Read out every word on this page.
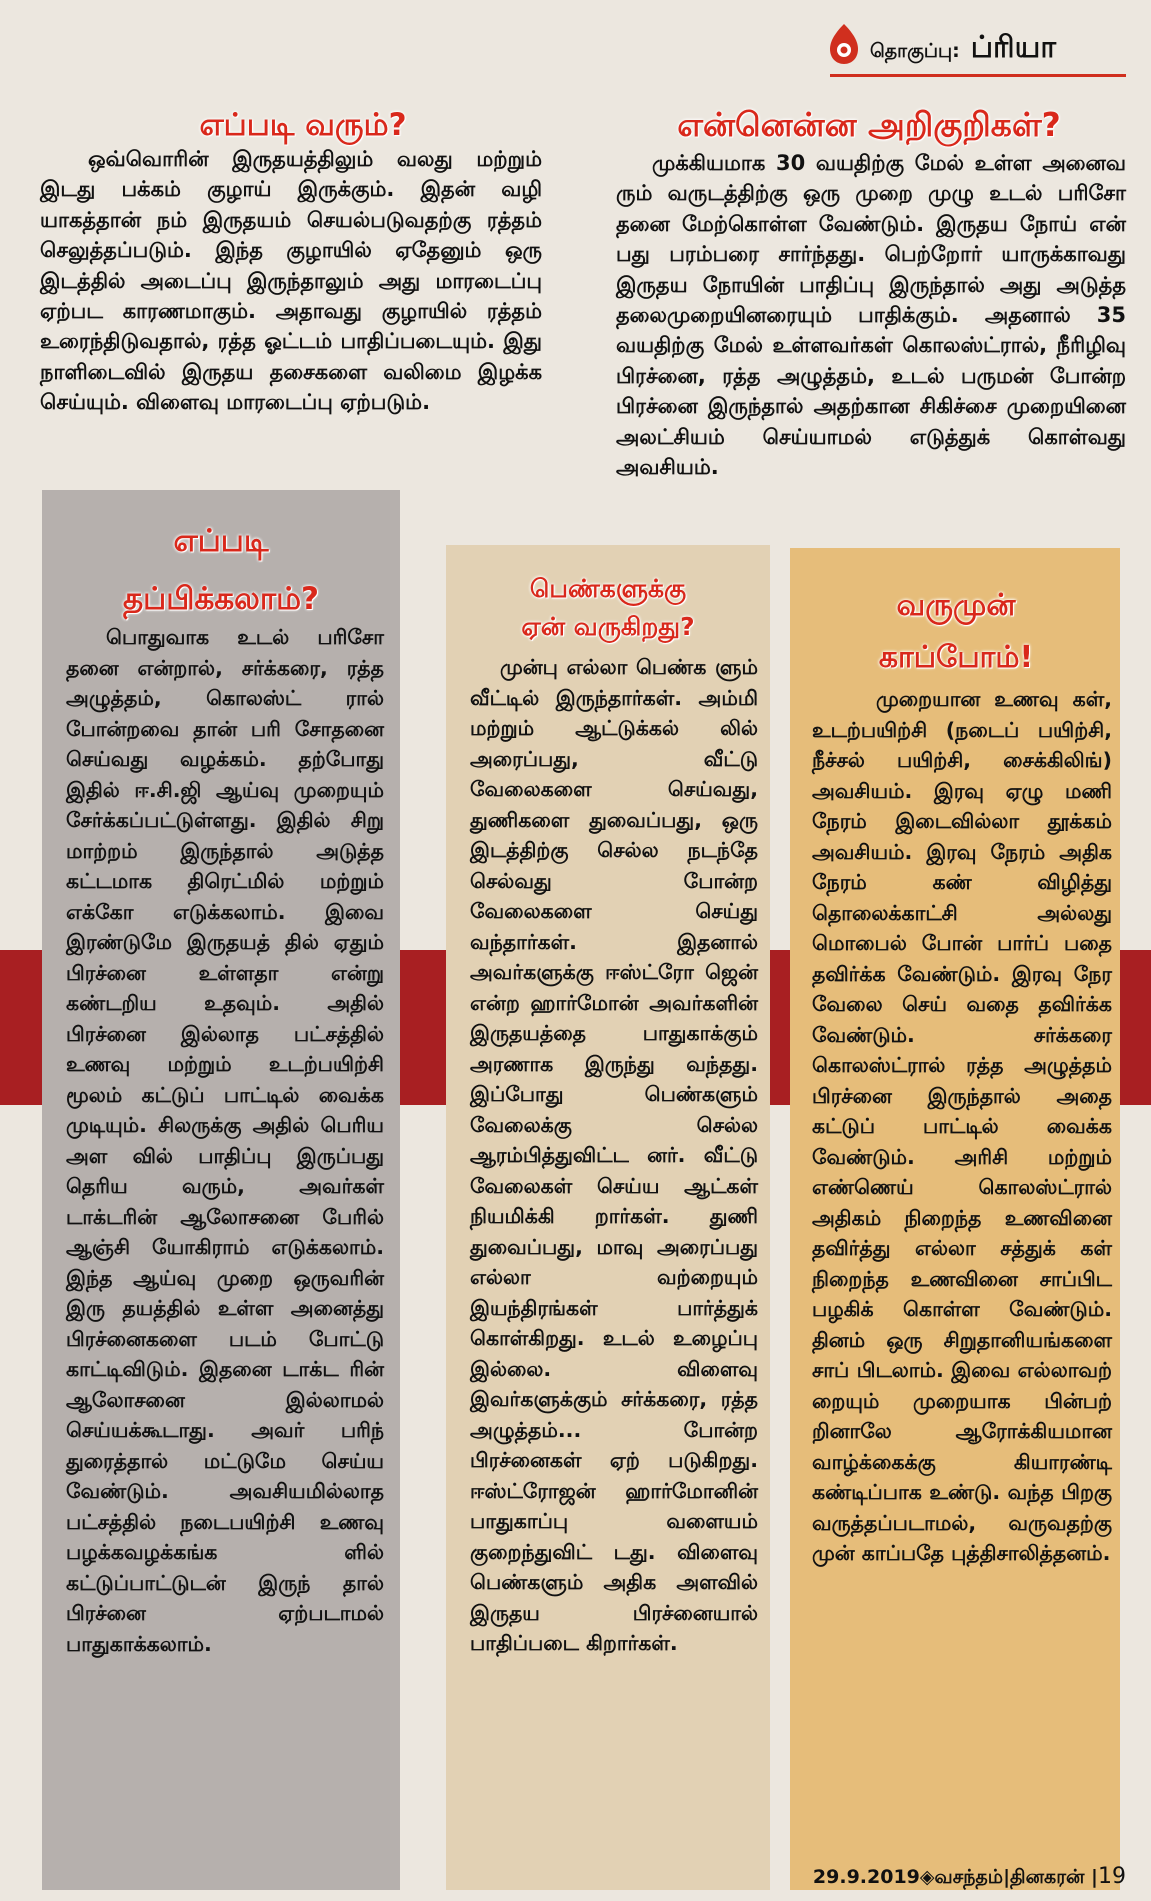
தொகுப்பு: ப்ரியா
எப்படி வரும்?
ஒவ்வொரின் இருதயத்திலும் வலது மற்றும் இடது பக்கம் குழாய் இருக்கும். இதன் வழி யாகத்தான் நம் இருதயம் செயல்படுவதற்கு ரத்தம் செலுத்தப்படும். இந்த குழாயில் ஏதேனும் ஒரு இடத்தில் அடைப்பு இருந்தாலும் அது மாரடைப்பு ஏற்பட காரணமாகும். அதாவது குழாயில் ரத்தம் உரைந்திடுவதால், ரத்த ஓட்டம் பாதிப்படையும். இது நாளிடைவில் இருதய தசைகளை வலிமை இழக்க செய்யும். விளைவு மாரடைப்பு ஏற்படும்.
என்னென்ன அறிகுறிகள்?
முக்கியமாக 30 வயதிற்கு மேல் உள்ள அனைவ ரும் வருடத்திற்கு ஒரு முறை முழு உடல் பரிசோ தனை மேற்கொள்ள வேண்டும். இருதய நோய் என் பது பரம்பரை சார்ந்தது. பெற்றோர் யாருக்காவது இருதய நோயின் பாதிப்பு இருந்தால் அது அடுத்த தலைமுறையினரையும் பாதிக்கும். அதனால் 35 வயதிற்கு மேல் உள்ளவர்கள் கொலஸ்ட்ரால், நீரிழிவு பிரச்னை, ரத்த அழுத்தம், உடல் பருமன் போன்ற பிரச்னை இருந்தால் அதற்கான சிகிச்சை முறையினை அலட்சியம் செய்யாமல் எடுத்துக் கொள்வது அவசியம்.
எப்படி
தப்பிக்கலாம்?
பொதுவாக உடல் பரிசோ தனை என்றால், சர்க்கரை, ரத்த அழுத்தம், கொலஸ்ட் ரால் போன்றவை தான் பரி சோதனை செய்வது வழக்கம். தற்போது இதில் ஈ.சி.ஜி ஆய்வு முறையும் சேர்க்கப்பட்டுள்ளது. இதில் சிறு மாற்றம் இருந்தால் அடுத்த கட்டமாக திரெட்மில் மற்றும் எக்கோ எடுக்கலாம். இவை இரண்டுமே இருதயத் தில் ஏதும் பிரச்னை உள்ளதா என்று கண்டறிய உதவும். அதில் பிரச்னை இல்லாத பட்சத்தில் உணவு மற்றும் உடற்பயிற்சி மூலம் கட்டுப் பாட்டில் வைக்க முடியும். சிலருக்கு அதில் பெரிய அள வில் பாதிப்பு இருப்பது தெரிய வரும், அவர்கள் டாக்டரின் ஆலோசனை பேரில் ஆஞ்சி யோகிராம் எடுக்கலாம். இந்த ஆய்வு முறை ஒருவரின் இரு தயத்தில் உள்ள அனைத்து பிரச்னைகளை படம் போட்டு காட்டிவிடும். இதனை டாக்ட ரின் ஆலோசனை இல்லாமல் செய்யக்கூடாது. அவர் பரிந் துரைத்தால் மட்டுமே செய்ய வேண்டும். அவசியமில்லாத பட்சத்தில் நடைபயிற்சி உணவு பழக்கவழக்கங்க ளில் கட்டுப்பாட்டுடன் இருந் தால் பிரச்னை ஏற்படாமல் பாதுகாக்கலாம்.
பெண்களுக்கு
ஏன் வருகிறது?
முன்பு எல்லா பெண்க ளும் வீட்டில் இருந்தார்கள். அம்மி மற்றும் ஆட்டுக்கல் லில் அரைப்பது, வீட்டு வேலைகளை செய்வது, துணிகளை துவைப்பது, ஒரு இடத்திற்கு செல்ல நடந்தே செல்வது போன்ற வேலைகளை செய்து வந்தார்கள். இதனால் அவர்களுக்கு ஈஸ்ட்ரோ ஜென் என்ற ஹார்மோன் அவர்களின் இருதயத்தை பாதுகாக்கும் அரணாக இருந்து வந்தது. இப்போது பெண்களும் வேலைக்கு செல்ல ஆரம்பித்துவிட்ட னர். வீட்டு வேலைகள் செய்ய ஆட்கள் நியமிக்கி றார்கள். துணி துவைப்பது, மாவு அரைப்பது எல்லா வற்றையும் இயந்திரங்கள் பார்த்துக் கொள்கிறது. உடல் உழைப்பு இல்லை. விளைவு இவர்களுக்கும் சர்க்கரை, ரத்த அழுத்தம்... போன்ற பிரச்னைகள் ஏற் படுகிறது. ஈஸ்ட்ரோஜன் ஹார்மோனின் பாதுகாப்பு வளையம் குறைந்துவிட் டது. விளைவு பெண்களும் அதிக அளவில் இருதய பிரச்னையால் பாதிப்படை கிறார்கள்.
வருமுன்
காப்போம்!
முறையான உணவு கள், உடற்பயிற்சி (நடைப் பயிற்சி, நீச்சல் பயிற்சி, சைக்கிலிங்) அவசியம். இரவு ஏழு மணி நேரம் இடைவில்லா தூக்கம் அவசியம். இரவு நேரம் அதிக நேரம் கண் விழித்து தொலைக்காட்சி அல்லது மொபைல் போன் பார்ப் பதை தவிர்க்க வேண்டும். இரவு நேர வேலை செய் வதை தவிர்க்க வேண்டும். சர்க்கரை கொலஸ்ட்ரால் ரத்த அழுத்தம் பிரச்னை இருந்தால் அதை கட்டுப் பாட்டில் வைக்க வேண்டும். அரிசி மற்றும் எண்ணெய் கொலஸ்ட்ரால் அதிகம் நிறைந்த உணவினை தவிர்த்து எல்லா சத்துக் கள் நிறைந்த உணவினை சாப்பிட பழகிக் கொள்ள வேண்டும். தினம் ஒரு சிறுதானியங்களை சாப் பிடலாம். இவை எல்லாவற் றையும் முறையாக பின்பற் றினாலே ஆரோக்கியமான வாழ்க்கைக்கு கியாரண்டி கண்டிப்பாக உண்டு. வந்த பிறகு வருத்தப்படாமல், வருவதற்கு முன் காப்பதே புத்திசாலித்தனம்.
29.9.2019◈வசந்தம்|தினகரன் |19
